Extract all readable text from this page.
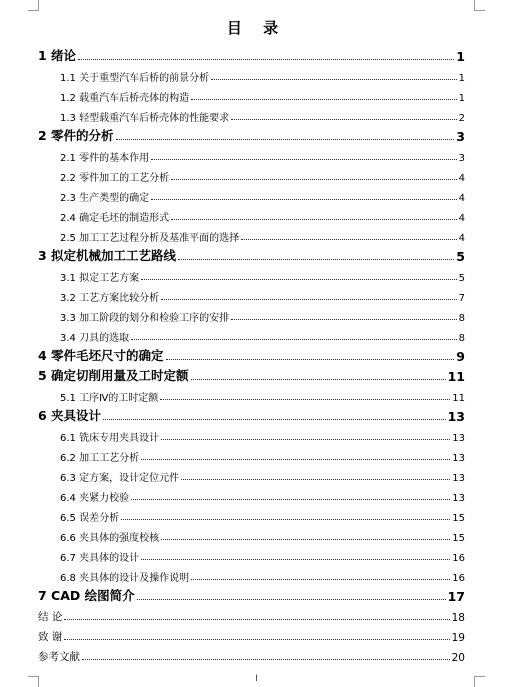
目 录
1 绪论	1
1.1 关于重型汽车后桥的前景分析	1
1.2 载重汽车后桥壳体的构造	1
1.3 轻型载重汽车后桥壳体的性能要求	2
2 零件的分析	3
2.1 零件的基本作用	3
2.2 零件加工的工艺分析	4
2.3 生产类型的确定	4
2.4 确定毛坯的制造形式	4
2.5 加工工艺过程分析及基准平面的选择	4
3 拟定机械加工工艺路线	5
3.1 拟定工艺方案	5
3.2 工艺方案比较分析	7
3.3 加工阶段的划分和检验工序的安排	8
3.4 刀具的选取	8
4 零件毛坯尺寸的确定	9
5 确定切削用量及工时定额	11
5.1 工序Ⅳ的工时定额	11
6 夹具设计	13
6.1 铣床专用夹具设计	13
6.2 加工工艺分析	13
6.3 定方案，设计定位元件	13
6.4 夹紧力校验	13
6.5 误差分析	15
6.6 夹具体的强度校核	15
6.7 夹具体的设计	16
6.8 夹具体的设计及操作说明	16
7 CAD 绘图简介	17
结 论	18
致 谢	19
参考文献	20
I
